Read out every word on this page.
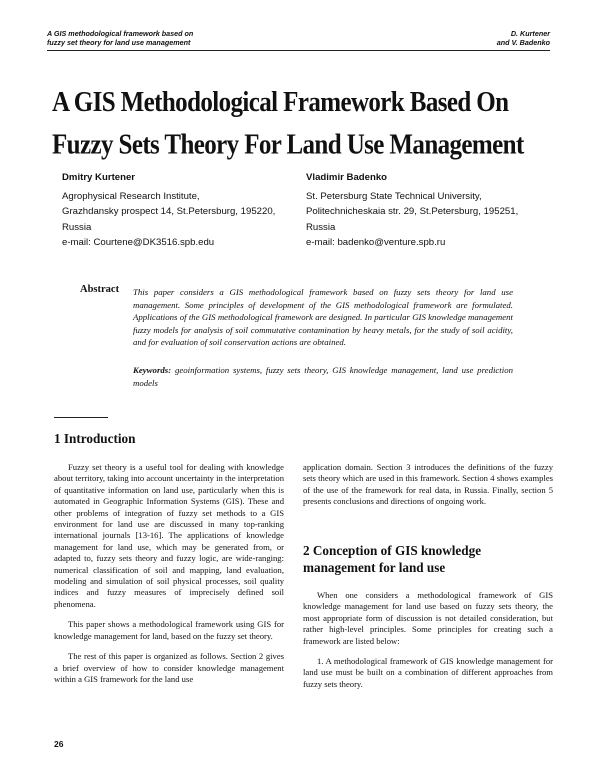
A GIS methodological framework based on
fuzzy set theory for land use management
D. Kurtener
and V. Badenko
A GIS Methodological Framework Based On Fuzzy Sets Theory For Land Use Management
Dmitry Kurtener
Agrophysical Research Institute,
Grazhdansky prospect 14, St.Petersburg, 195220,
Russia
e-mail: Courtene@DK3516.spb.edu
Vladimir Badenko
St. Petersburg State Technical University,
Politechnicheskaia str. 29, St.Petersburg, 195251,
Russia
e-mail: badenko@venture.spb.ru
Abstract This paper considers a GIS methodological framework based on fuzzy sets theory for land use management. Some principles of development of the GIS methodological framework are formulated. Applications of the GIS methodological framework are designed. In particular GIS knowledge management fuzzy models for analysis of soil commutative contamination by heavy metals, for the study of soil acidity, and for evaluation of soil conservation actions are obtained.
Keywords: geoinformation systems, fuzzy sets theory, GIS knowledge management, land use prediction models
1 Introduction

Fuzzy set theory is a useful tool for dealing with knowledge about territory, taking into account uncertainty in the interpretation of quantitative information on land use, particularly when this is automated in Geographic Information Systems (GIS). These and other problems of integration of fuzzy set methods to a GIS environment for land use are discussed in many top-ranking international journals [13-16]. The applications of knowledge management for land use, which may be generated from, or adapted to, fuzzy sets theory and fuzzy logic, are wide-ranging: numerical classification of soil and mapping, land evaluation, modeling and simulation of soil physical processes, soil quality indices and fuzzy measures of imprecisely defined soil phenomena.

This paper shows a methodological framework using GIS for knowledge management for land, based on the fuzzy set theory.

The rest of this paper is organized as follows. Section 2 gives a brief overview of how to consider knowledge management within a GIS framework for the land use

application domain. Section 3 introduces the definitions of the fuzzy sets theory which are used in this framework. Section 4 shows examples of the use of the framework for real data, in Russia. Finally, section 5 presents conclusions and directions of ongoing work.

2 Conception of GIS knowledge management for land use

When one considers a methodological framework of GIS knowledge management for land use based on fuzzy sets theory, the most appropriate form of discussion is not detailed consideration, but rather high-level principles. Some principles for creating such a framework are listed below:

1. A methodological framework of GIS knowledge management for land use must be built on a combination of different approaches from fuzzy sets theory.

26
